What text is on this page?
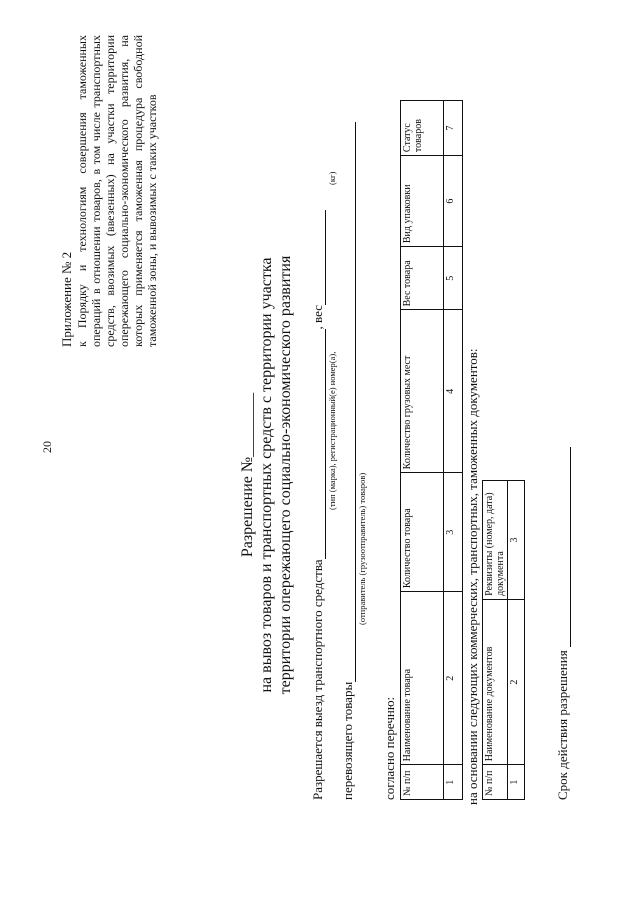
20
Приложение № 2 к Порядку и технологиям совершения таможенных операций в отношении товаров, в том числе транспортных средств, ввозимых (ввезенных) на участки территории опережающего социально-экономического развития, на которых применяется таможенная процедура свободной таможенной зоны, и вывозимых с таких участков
Разрешение №________ на вывоз товаров и транспортных средств с территории участка территории опережающего социально-экономического развития Разрешается выезд транспортного средства, вес
(тип (марка), регистрационный(е) номер(а),
(кг)
перевозящего товары
(отправитель (грузоотправитель) товаров)
согласно перечню: № п/п	Наименование товара	Количество товара	Количество грузовых мест	Вес товара	Вид упаковки	Статус товаров
1	2	3	4	5	6	7
на основании следующих коммерческих, транспортных, таможенных документов: № п/п	Наименование документов	Реквизиты (номер, дата) документа
1	2	3
Срок действия разрешения
